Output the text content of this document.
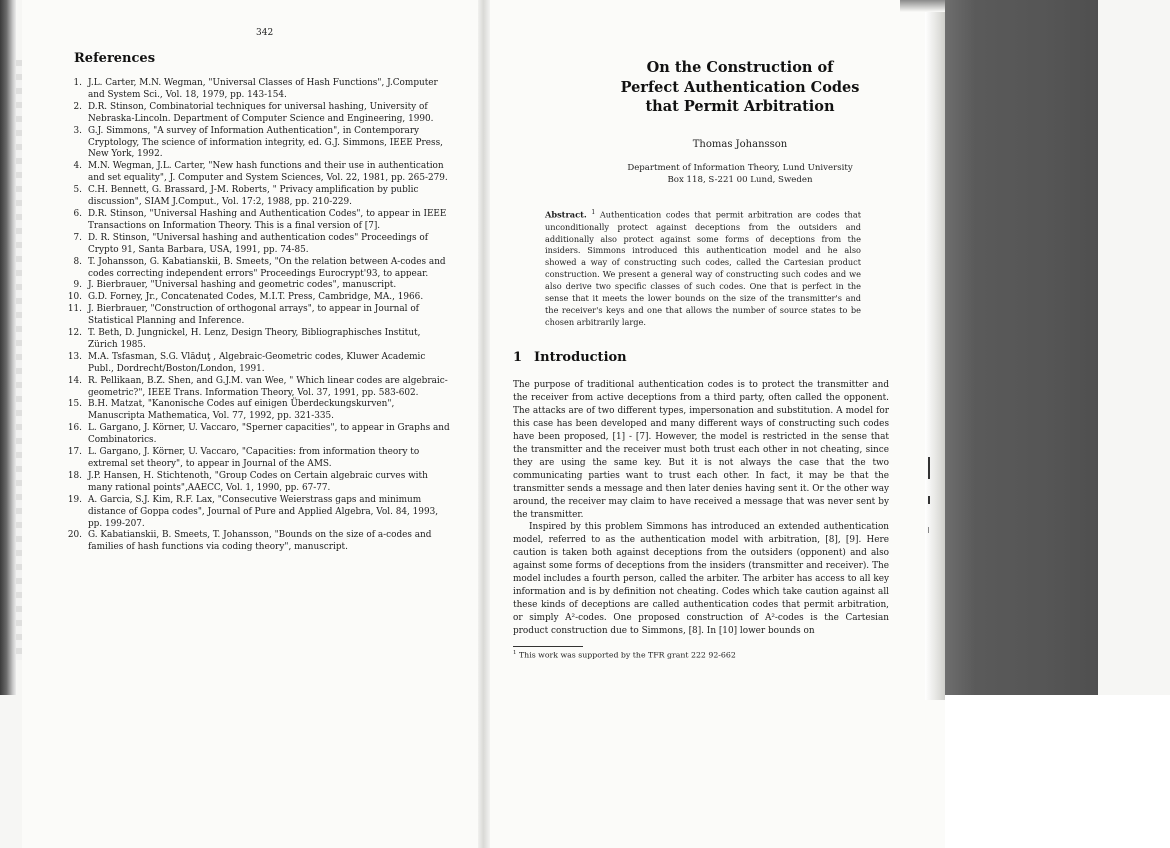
342
References
1. J.L. Carter, M.N. Wegman, "Universal Classes of Hash Functions", J.Computer and System Sci., Vol. 18, 1979, pp. 143-154.
2. D.R. Stinson, Combinatorial techniques for universal hashing, University of Nebraska-Lincoln. Department of Computer Science and Engineering, 1990.
3. G.J. Simmons, "A survey of Information Authentication", in Contemporary Cryptology, The science of information integrity, ed. G.J. Simmons, IEEE Press, New York, 1992.
4. M.N. Wegman, J.L. Carter, "New hash functions and their use in authentication and set equality", J. Computer and System Sciences, Vol. 22, 1981, pp. 265-279.
5. C.H. Bennett, G. Brassard, J-M. Roberts, " Privacy amplification by public discussion", SIAM J.Comput., Vol. 17:2, 1988, pp. 210-229.
6. D.R. Stinson, "Universal Hashing and Authentication Codes", to appear in IEEE Transactions on Information Theory. This is a final version of [7].
7. D. R. Stinson, "Universal hashing and authentication codes" Proceedings of Crypto 91, Santa Barbara, USA, 1991, pp. 74-85.
8. T. Johansson, G. Kabatianskii, B. Smeets, "On the relation between A-codes and codes correcting independent errors" Proceedings Eurocrypt'93, to appear.
9. J. Bierbrauer, "Universal hashing and geometric codes", manuscript.
10. G.D. Forney, Jr., Concatenated Codes, M.I.T. Press, Cambridge, MA., 1966.
11. J. Bierbrauer, "Construction of orthogonal arrays", to appear in Journal of Statistical Planning and Inference.
12. T. Beth, D. Jungnickel, H. Lenz, Design Theory, Bibliographisches Institut, Zürich 1985.
13. M.A. Tsfasman, S.G. Vlăduţ , Algebraic-Geometric codes, Kluwer Academic Publ., Dordrecht/Boston/London, 1991.
14. R. Pellikaan, B.Z. Shen, and G.J.M. van Wee, " Which linear codes are algebraic-geometric?", IEEE Trans. Information Theory, Vol. 37, 1991, pp. 583-602.
15. B.H. Matzat, "Kanonische Codes auf einigen Überdeckungskurven", Manuscripta Mathematica, Vol. 77, 1992, pp. 321-335.
16. L. Gargano, J. Körner, U. Vaccaro, "Sperner capacities", to appear in Graphs and Combinatorics.
17. L. Gargano, J. Körner, U. Vaccaro, "Capacities: from information theory to extremal set theory", to appear in Journal of the AMS.
18. J.P. Hansen, H. Stichtenoth, "Group Codes on Certain algebraic curves with many rational points",AAECC, Vol. 1, 1990, pp. 67-77.
19. A. Garcia, S.J. Kim, R.F. Lax, "Consecutive Weierstrass gaps and minimum distance of Goppa codes", Journal of Pure and Applied Algebra, Vol. 84, 1993, pp. 199-207.
20. G. Kabatianskii, B. Smeets, T. Johansson, "Bounds on the size of a-codes and families of hash functions via coding theory", manuscript.
On the Construction of
Perfect Authentication Codes
that Permit Arbitration
Thomas Johansson
Department of Information Theory, Lund University
Box 118, S-221 00 Lund, Sweden
Abstract. $^1$ Authentication codes that permit arbitration are codes that unconditionally protect against deceptions from the outsiders and additionally also protect against some forms of deceptions from the insiders. Simmons introduced this authentication model and he also showed a way of constructing such codes, called the Cartesian product construction. We present a general way of constructing such codes and we also derive two specific classes of such codes. One that is perfect in the sense that it meets the lower bounds on the size of the transmitter's and the receiver's keys and one that allows the number of source states to be chosen arbitrarily large.
1 Introduction

The purpose of traditional authentication codes is to protect the transmitter and the receiver from active deceptions from a third party, often called the opponent. The attacks are of two different types, impersonation and substitution. A model for this case has been developed and many different ways of constructing such codes have been proposed, [1] - [7]. However, the model is restricted in the sense that the transmitter and the receiver must both trust each other in not cheating, since they are using the same key. But it is not always the case that the two communicating parties want to trust each other. In fact, it may be that the transmitter sends a message and then later denies having sent it. Or the other way around, the receiver may claim to have received a message that was never sent by the transmitter.

Inspired by this problem Simmons has introduced an extended authentication model, referred to as the authentication model with arbitration, [8], [9]. Here caution is taken both against deceptions from the outsiders (opponent) and also against some forms of deceptions from the insiders (transmitter and receiver). The model includes a fourth person, called the arbiter. The arbiter has access to all key information and is by definition not cheating. Codes which take caution against all these kinds of deceptions are called authentication codes that permit arbitration, or simply A²-codes. One proposed construction of A²-codes is the Cartesian product construction due to Simmons, [8]. In [10] lower bounds on

$^1$ This work was supported by the TFR grant 222 92-662
